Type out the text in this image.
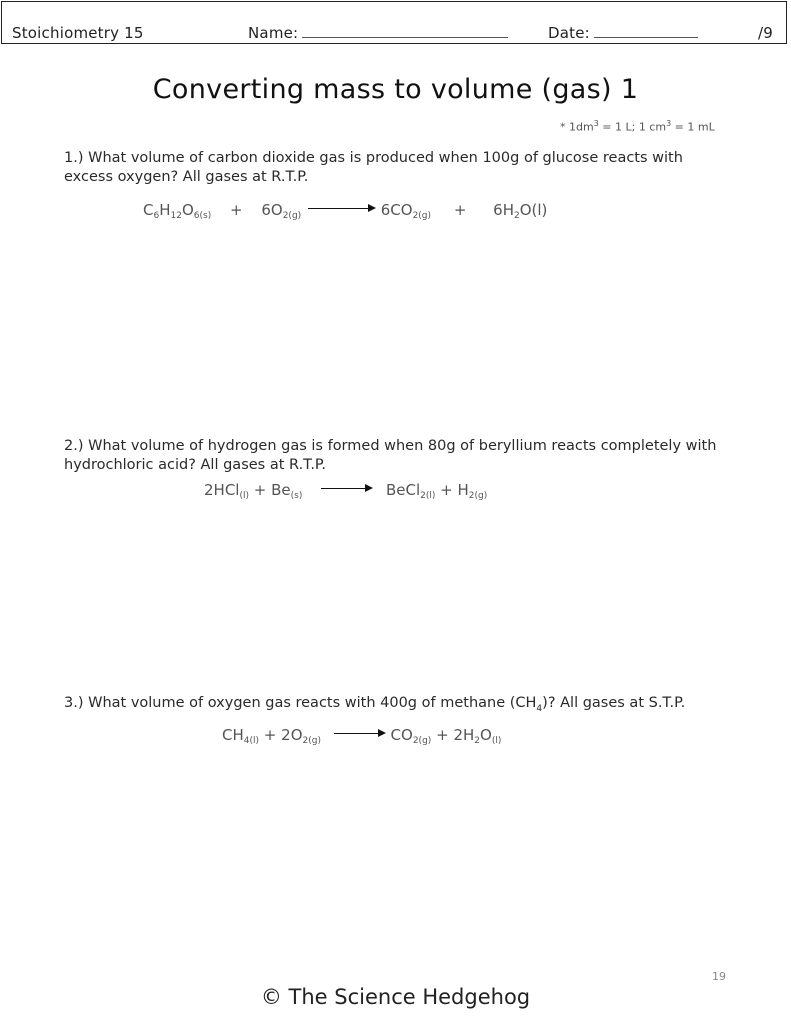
Stoichiometry 15	Name:	Date:	/9
Converting mass to volume (gas) 1
* $1dm^3 = 1$ L; 1 $cm^3 = 1$ mL
1.) What volume of carbon dioxide gas is produced when 100g of glucose reacts with excess oxygen? All gases at R.T.P.
$C_6H_{12}O_{6(s)} + 6O_{2(g)}$	$6CO_{2(g)} + 6H_2O(l)$
2.) What volume of hydrogen gas is formed when 80g of beryllium reacts completely with hydrochloric acid? All gases at R.T.P.
$2HCl_{(l)} + Be_{(s)}$ → BeCl$_{2(l)}$ + $H_{2(g)}$
3.) What volume of oxygen gas reacts with 400g of methane $(CH_4)$? All gases at S.T.P.
$CH_{4(l)} + 2O_{2(g)} \to CO_{2(g)} + 2H_2O_{(l)}$
19
© The Science Hedgehog
